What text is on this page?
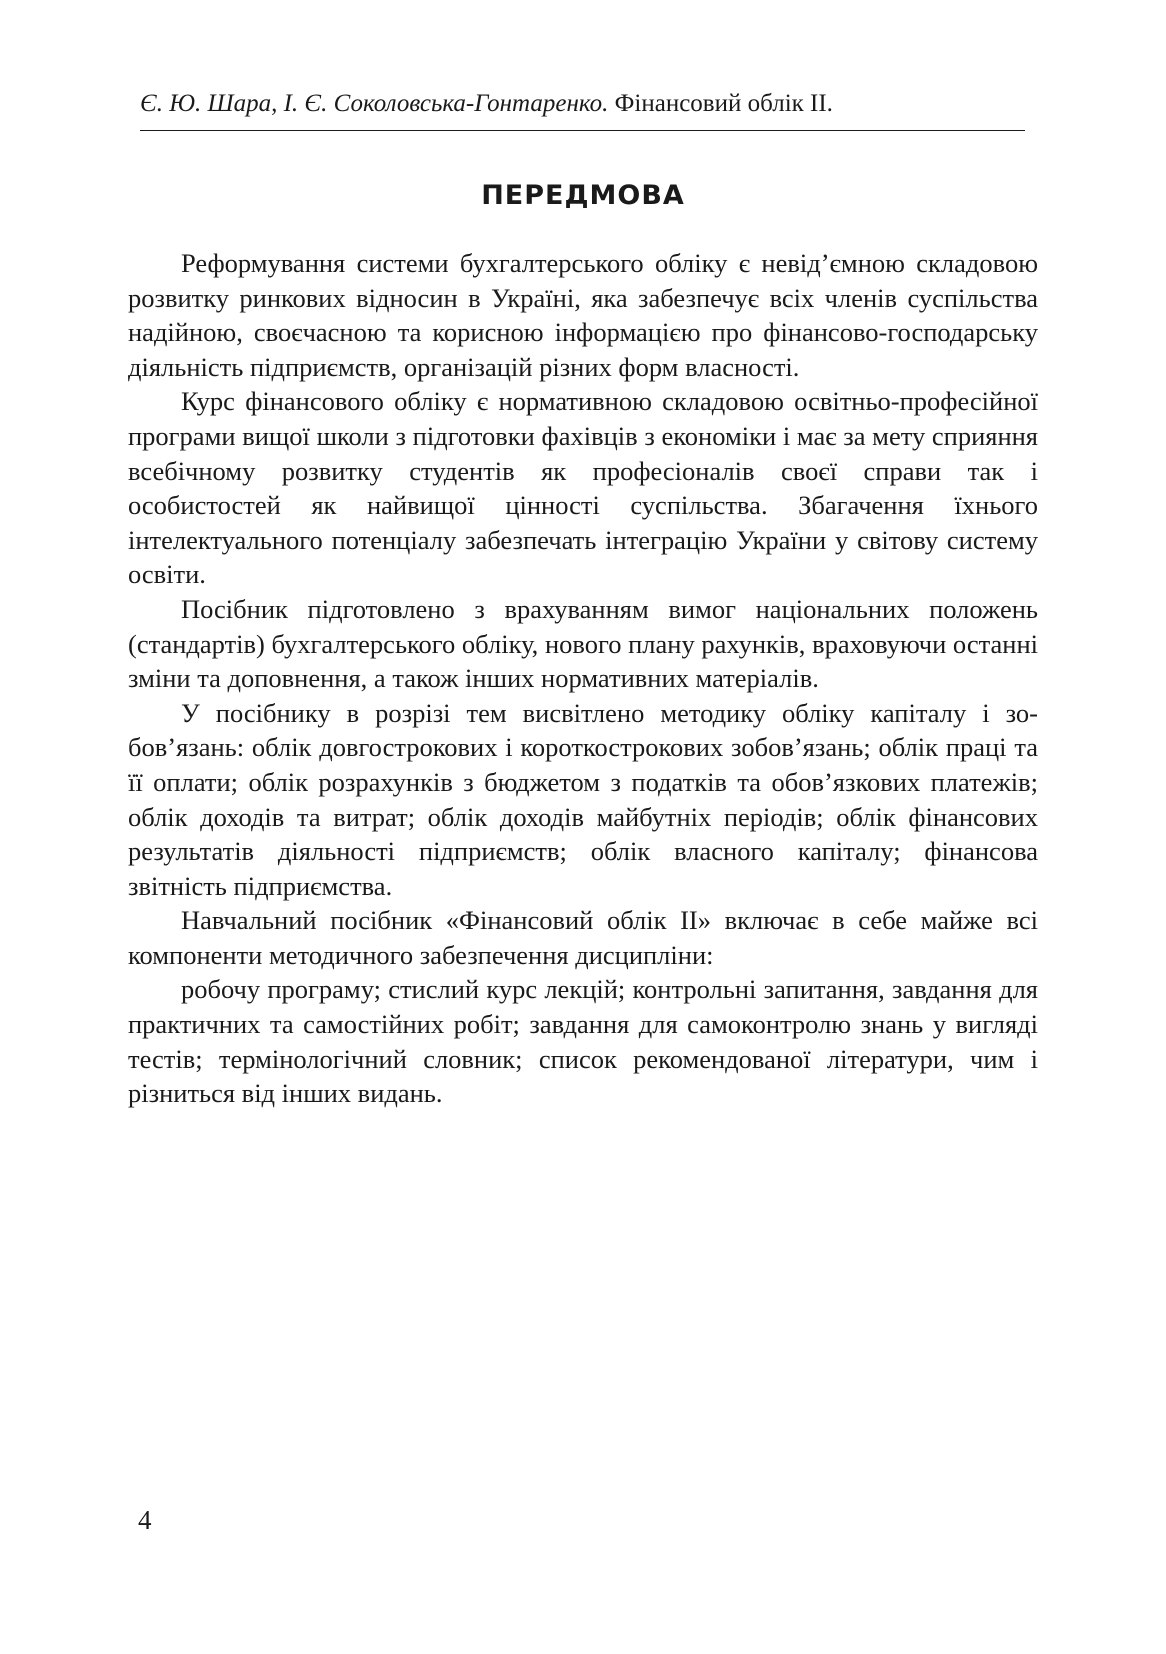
Є. Ю. Шара, І. Є. Соколовська-Гонтаренко. Фінансовий облік ІІ.
ПЕРЕДМОВА

Реформування системи бухгалтерського обліку є невід’ємною складовою розвитку ринкових відносин в Україні, яка забезпечує всіх членів суспільства надійною, своєчасною та корисною інформацією про фінансово-господарську діяльність підприємств, організацій різних форм власності.

Курс фінансового обліку є нормативною складовою освітньо-професійної програми вищої школи з підготовки фахівців з економіки і має за мету сприяння всебічному розвитку студентів як професіоналів своєї справи так і особистостей як найвищої цінності суспільства. Збагачення їхнього інтелектуального потенціалу забезпечать інтеграцію України у світову систему освіти.

Посібник підготовлено з врахуванням вимог національних положень (стандартів) бухгалтерського обліку, нового плану рахунків, враховуючи останні зміни та доповнення, а також інших нормативних матеріалів.

У посібнику в розрізі тем висвітлено методику обліку капіталу і зобов’язань: облік довгострокових і короткострокових зобов’язань; облік праці та її оплати; облік розрахунків з бюджетом з податків та обов’язкових платежів; облік доходів та витрат; облік доходів майбутніх періодів; облік фінансових результатів діяльності підприємств; облік власного капіталу; фінансова звітність підприємства.

Навчальний посібник «Фінансовий облік ІІ» включає в себе майже всі компоненти методичного забезпечення дисципліни:

робочу програму; стислий курс лекцій; контрольні запитання, завдання для практичних та самостійних робіт; завдання для самоконтролю знань у вигляді тестів; термінологічний словник; список рекомендованої літератури, чим і різниться від інших видань.

4
